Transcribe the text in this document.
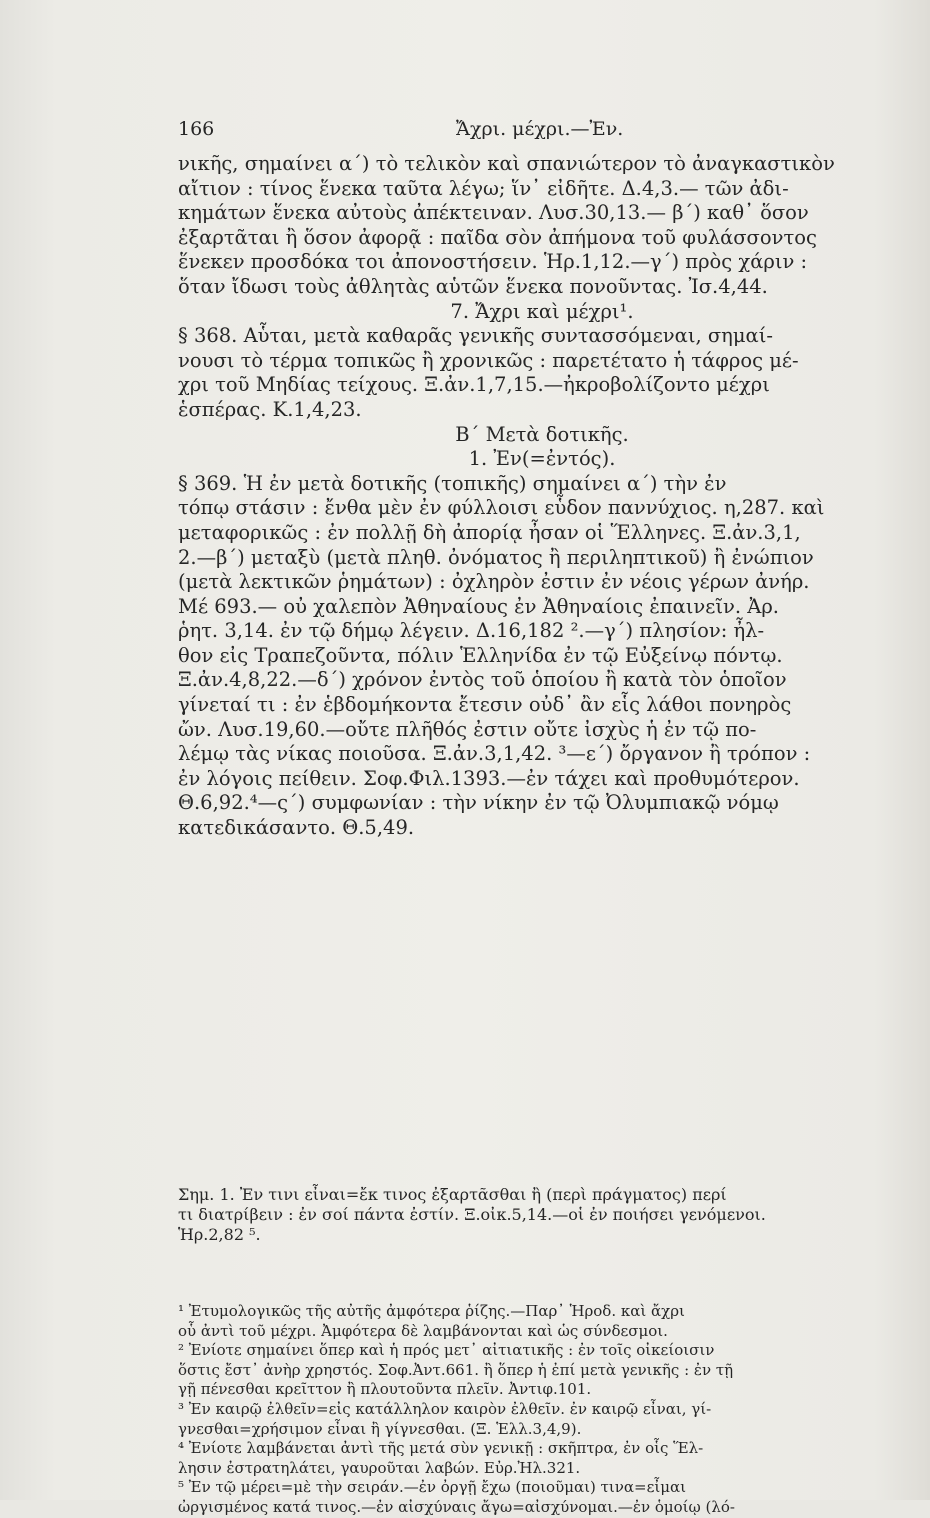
166	Ἄχρι. μέχρι.—Ἐν.
νικῆς, σημαίνει α΄) τὸ τελικὸν καὶ σπανιώτερον τὸ ἀναγκαστικὸν
αἴτιον : τίνος ἕνεκα ταῦτα λέγω; ἵν᾽ εἰδῆτε. Δ.4,3.— τῶν ἀδι-
κημάτων ἕνεκα αὐτοὺς ἀπέκτειναν. Λυσ.30,13.— β΄) καθ᾽ ὅσον
ἐξαρτᾶται ἢ ὅσον ἀφορᾷ : παῖδα σὸν ἀπήμονα τοῦ φυλάσσοντος
ἕνεκεν προσδόκα τοι ἀπονοστήσειν. Ἡρ.1,12.—γ΄) πρὸς χάριν :
ὅταν ἴδωσι τοὺς ἀθλητὰς αὑτῶν ἕνεκα πονοῦντας. Ἰσ.4,44.
7. Ἄχρι καὶ μέχρι¹.
§ 368. Αὗται, μετὰ καθαρᾶς γενικῆς συντασσόμεναι, σημαί-
νουσι τὸ τέρμα τοπικῶς ἢ χρονικῶς : παρετέτατο ἡ τάφρος μέ-
χρι τοῦ Μηδίας τείχους. Ξ.ἀν.1,7,15.—ἠκροβολίζοντο μέχρι
ἑσπέρας. Κ.1,4,23.
Β΄ Μετὰ δοτικῆς.
1. Ἐν(=ἐντός).
§ 369. Ἡ ἐν μετὰ δοτικῆς (τοπικῆς) σημαίνει α΄) τὴν ἐν
τόπῳ στάσιν : ἔνθα μὲν ἐν φύλλοισι εὗδον παννύχιος. η,287. καὶ
μεταφορικῶς : ἐν πολλῇ δὴ ἀπορίᾳ ἦσαν οἱ Ἕλληνες. Ξ.ἀν.3,1,
2.—β΄) μεταξὺ (μετὰ πληθ. ὀνόματος ἢ περιληπτικοῦ) ἢ ἐνώπιον
(μετὰ λεκτικῶν ῥημάτων) : ὀχληρὸν ἐστιν ἐν νέοις γέρων ἀνήρ.
Μέ 693.— οὐ χαλεπὸν Ἀθηναίους ἐν Ἀθηναίοις ἐπαινεῖν. Ἀρ.
ῥητ. 3,14. ἐν τῷ δήμῳ λέγειν. Δ.16,182 ².—γ΄) πλησίον: ἦλ-
θον εἰς Τραπεζοῦντα, πόλιν Ἑλληνίδα ἐν τῷ Εὐξείνῳ πόντῳ.
Ξ.ἀν.4,8,22.—δ΄) χρόνον ἐντὸς τοῦ ὁποίου ἢ κατὰ τὸν ὁποῖον
γίνεταί τι : ἐν ἑβδομήκοντα ἔτεσιν οὐδ᾽ ἂν εἷς λάθοι πονηρὸς
ὤν. Λυσ.19,60.—οὔτε πλῆθός ἐστιν οὔτε ἰσχὺς ἡ ἐν τῷ πο-
λέμῳ τὰς νίκας ποιοῦσα. Ξ.ἀν.3,1,42. ³—ε΄) ὄργανον ἢ τρόπον :
ἐν λόγοις πείθειν. Σοφ.Φιλ.1393.—ἐν τάχει καὶ προθυμότερον.
Θ.6,92.⁴—ς΄) συμφωνίαν : τὴν νίκην ἐν τῷ Ὀλυμπιακῷ νόμῳ
κατεδικάσαντο. Θ.5,49.
Σημ. 1. Ἐν τινι εἶναι=ἔκ τινος ἐξαρτᾶσθαι ἢ (περὶ πράγματος) περί
τι διατρίβειν : ἐν σοί πάντα ἐστίν. Ξ.οἰκ.5,14.—οἱ ἐν ποιήσει γενόμενοι.
Ἡρ.2,82 ⁵.
¹ Ἐτυμολογικῶς τῆς αὐτῆς ἀμφότερα ῥίζης.—Παρ᾽ Ἡροδ. καὶ ἄχρι
οὗ ἀντὶ τοῦ μέχρι. Ἀμφότερα δὲ λαμβάνονται καὶ ὡς σύνδεσμοι.
² Ἐνίοτε σημαίνει ὅπερ καὶ ἡ πρός μετ᾽ αἰτιατικῆς : ἐν τοῖς οἰκείοισιν
ὅστις ἔστ᾽ ἀνὴρ χρηστός. Σοφ.Ἀντ.661. ἢ ὅπερ ἡ ἐπί μετὰ γενικῆς : ἐν τῇ
γῇ πένεσθαι κρεῖττον ἢ πλουτοῦντα πλεῖν. Ἀντιφ.101.
³ Ἐν καιρῷ ἐλθεῖν=εἰς κατάλληλον καιρὸν ἐλθεῖν. ἐν καιρῷ εἶναι, γί-
γνεσθαι=χρήσιμον εἶναι ἢ γίγνεσθαι. (Ξ. Ἑλλ.3,4,9).
⁴ Ἐνίοτε λαμβάνεται ἀντὶ τῆς μετά σὺν γενικῇ : σκῆπτρα, ἐν οἷς Ἕλ-
λησιν ἐστρατηλάτει, γαυροῦται λαβών. Εὐρ.Ἠλ.321.
⁵ Ἐν τῷ μέρει=μὲ τὴν σειράν.—ἐν ὀργῇ ἔχω (ποιοῦμαι) τινα=εἶμαι
ὠργισμένος κατά τινος.—ἐν αἰσχύναις ἄγω=αἰσχύνομαι.—ἐν ὁμοίῳ (λό-
